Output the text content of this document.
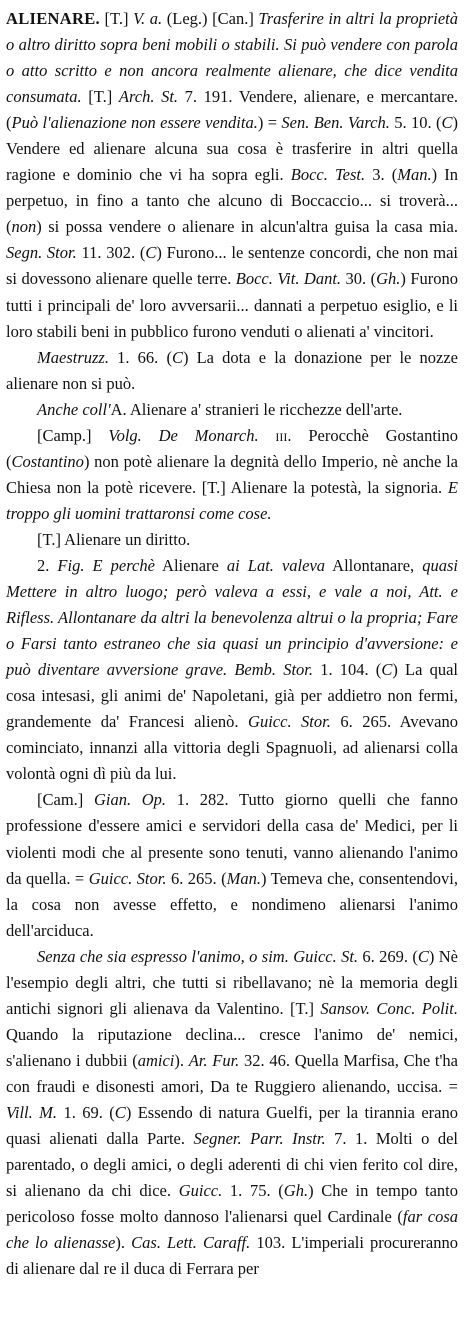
ALIENARE. [T.] V. a. (Leg.) [Can.] Trasferire in altri la proprietà o altro diritto sopra beni mobili o stabili. Si può vendere con parola o atto scritto e non ancora realmente alienare, che dice vendita consumata. [T.] Arch. St. 7. 191. Vendere, alienare, e mercantare. (Può l'alienazione non essere vendita.) = Sen. Ben. Varch. 5. 10. (C) Vendere ed alienare alcuna sua cosa è trasferire in altri quella ragione e dominio che vi ha sopra egli. Bocc. Test. 3. (Man.) In perpetuo, in fino a tanto che alcuno di Boccaccio... si troverà... (non) si possa vendere o alienare in alcun'altra guisa la casa mia. Segn. Stor. 11. 302. (C) Furono... le sentenze concordi, che non mai si dovessono alienare quelle terre. Bocc. Vit. Dant. 30. (Gh.) Furono tutti i principali de' loro avversarii... dannati a perpetuo esiglio, e li loro stabili beni in pubblico furono venduti o alienati a' vincitori.

Maestruzz. 1. 66. (C) La dota e la donazione per le nozze alienare non si può.

Anche coll'A. Alienare a' stranieri le ricchezze dell'arte.

[Camp.] Volg. De Monarch. iii. Perocchè Gostantino (Costantino) non potè alienare la degnità dello Imperio, nè anche la Chiesa non la potè ricevere. [T.] Alienare la potestà, la signoria. E troppo gli uomini trattaronsi come cose.

[T.] Alienare un diritto.

2. Fig. E perchè Alienare ai Lat. valeva Allontanare, quasi Mettere in altro luogo; però valeva a essi, e vale a noi, Att. e Rifless. Allontanare da altri la benevolenza altrui o la propria; Fare o Farsi tanto estraneo che sia quasi un principio d'avversione: e può diventare avversione grave. Bemb. Stor. 1. 104. (C) La qual cosa intesasi, gli animi de' Napoletani, già per addietro non fermi, grandemente da' Francesi alienò. Guicc. Stor. 6. 265. Avevano cominciato, innanzi alla vittoria degli Spagnuoli, ad alienarsi colla volontà ogni dì più da lui.

[Cam.] Gian. Op. 1. 282. Tutto giorno quelli che fanno professione d'essere amici e servidori della casa de' Medici, per li violenti modi che al presente sono tenuti, vanno alienando l'animo da quella. = Guicc. Stor. 6. 265. (Man.) Temeva che, consentendovi, la cosa non avesse effetto, e nondimeno alienarsi l'animo dell'arciduca.

Senza che sia espresso l'animo, o sim. Guicc. St. 6. 269. (C) Nè l'esempio degli altri, che tutti si ribellavano; nè la memoria degli antichi signori gli alienava da Valentino. [T.] Sansov. Conc. Polit. Quando la riputazione declina... cresce l'animo de' nemici, s'alienano i dubbii (amici). Ar. Fur. 32. 46. Quella Marfisa, Che t'ha con fraudi e disonesti amori, Da te Ruggiero alienando, uccisa. = Vill. M. 1. 69. (C) Essendo di natura Guelfi, per la tirannia erano quasi alienati dalla Parte. Segner. Parr. Instr. 7. 1. Molti o del parentado, o degli amici, o degli aderenti di chi vien ferito col dire, si alienano da chi dice. Guicc. 1. 75. (Gh.) Che in tempo tanto pericoloso fosse molto dannoso l'alienarsi quel Cardinale (far cosa che lo alienasse). Cas. Lett. Caraff. 103. L'imperiali procureranno di alienare dal re il duca di Ferrara per
